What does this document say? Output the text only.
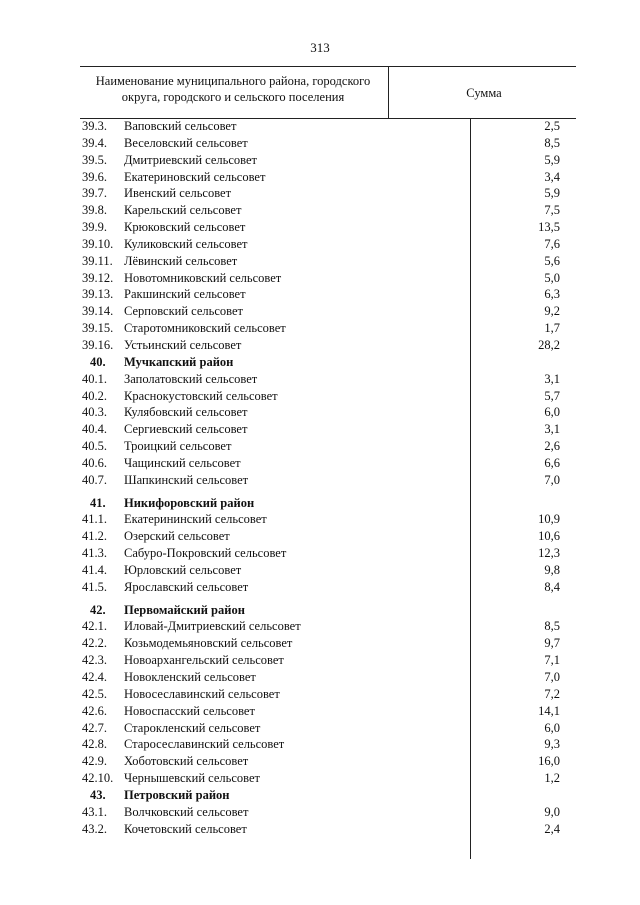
313
Наименование муниципального района, городского округа, городского и сельского поселения	Сумма
39.3. Ваповский сельсовет	2,5
39.4. Веселовский сельсовет	8,5
39.5. Дмитриевский сельсовет	5,9
39.6. Екатериновский сельсовет	3,4
39.7. Ивенский сельсовет	5,9
39.8. Карельский сельсовет	7,5
39.9. Крюковский сельсовет	13,5
39.10. Куликовский сельсовет	7,6
39.11. Лёвинский сельсовет	5,6
39.12. Новотомниковский сельсовет	5,0
39.13. Ракшинский сельсовет	6,3
39.14. Серповский сельсовет	9,2
39.15. Старотомниковский сельсовет	1,7
39.16. Устьинский сельсовет	28,2
40. Мучкапский район
40.1. Заполатовский сельсовет	3,1
40.2. Краснокустовский сельсовет	5,7
40.3. Кулябовский сельсовет	6,0
40.4. Сергиевский сельсовет	3,1
40.5. Троицкий сельсовет	2,6
40.6. Чащинский сельсовет	6,6
40.7. Шапкинский сельсовет	7,0
41. Никифоровский район
41.1. Екатерининский сельсовет	10,9
41.2. Озерский сельсовет	10,6
41.3. Сабуро-Покровский сельсовет	12,3
41.4. Юрловский сельсовет	9,8
41.5. Ярославский сельсовет	8,4
42. Первомайский район
42.1. Иловай-Дмитриевский сельсовет	8,5
42.2. Козьмодемьяновский сельсовет	9,7
42.3. Новоархангельский сельсовет	7,1
42.4. Новокленский сельсовет	7,0
42.5. Новосеславинский сельсовет	7,2
42.6. Новоспасский сельсовет	14,1
42.7. Старокленский сельсовет	6,0
42.8. Старосеславинский сельсовет	9,3
42.9. Хоботовский сельсовет	16,0
42.10. Чернышевский сельсовет	1,2
43. Петровский район
43.1. Волчковский сельсовет	9,0
43.2. Кочетовский сельсовет	2,4
